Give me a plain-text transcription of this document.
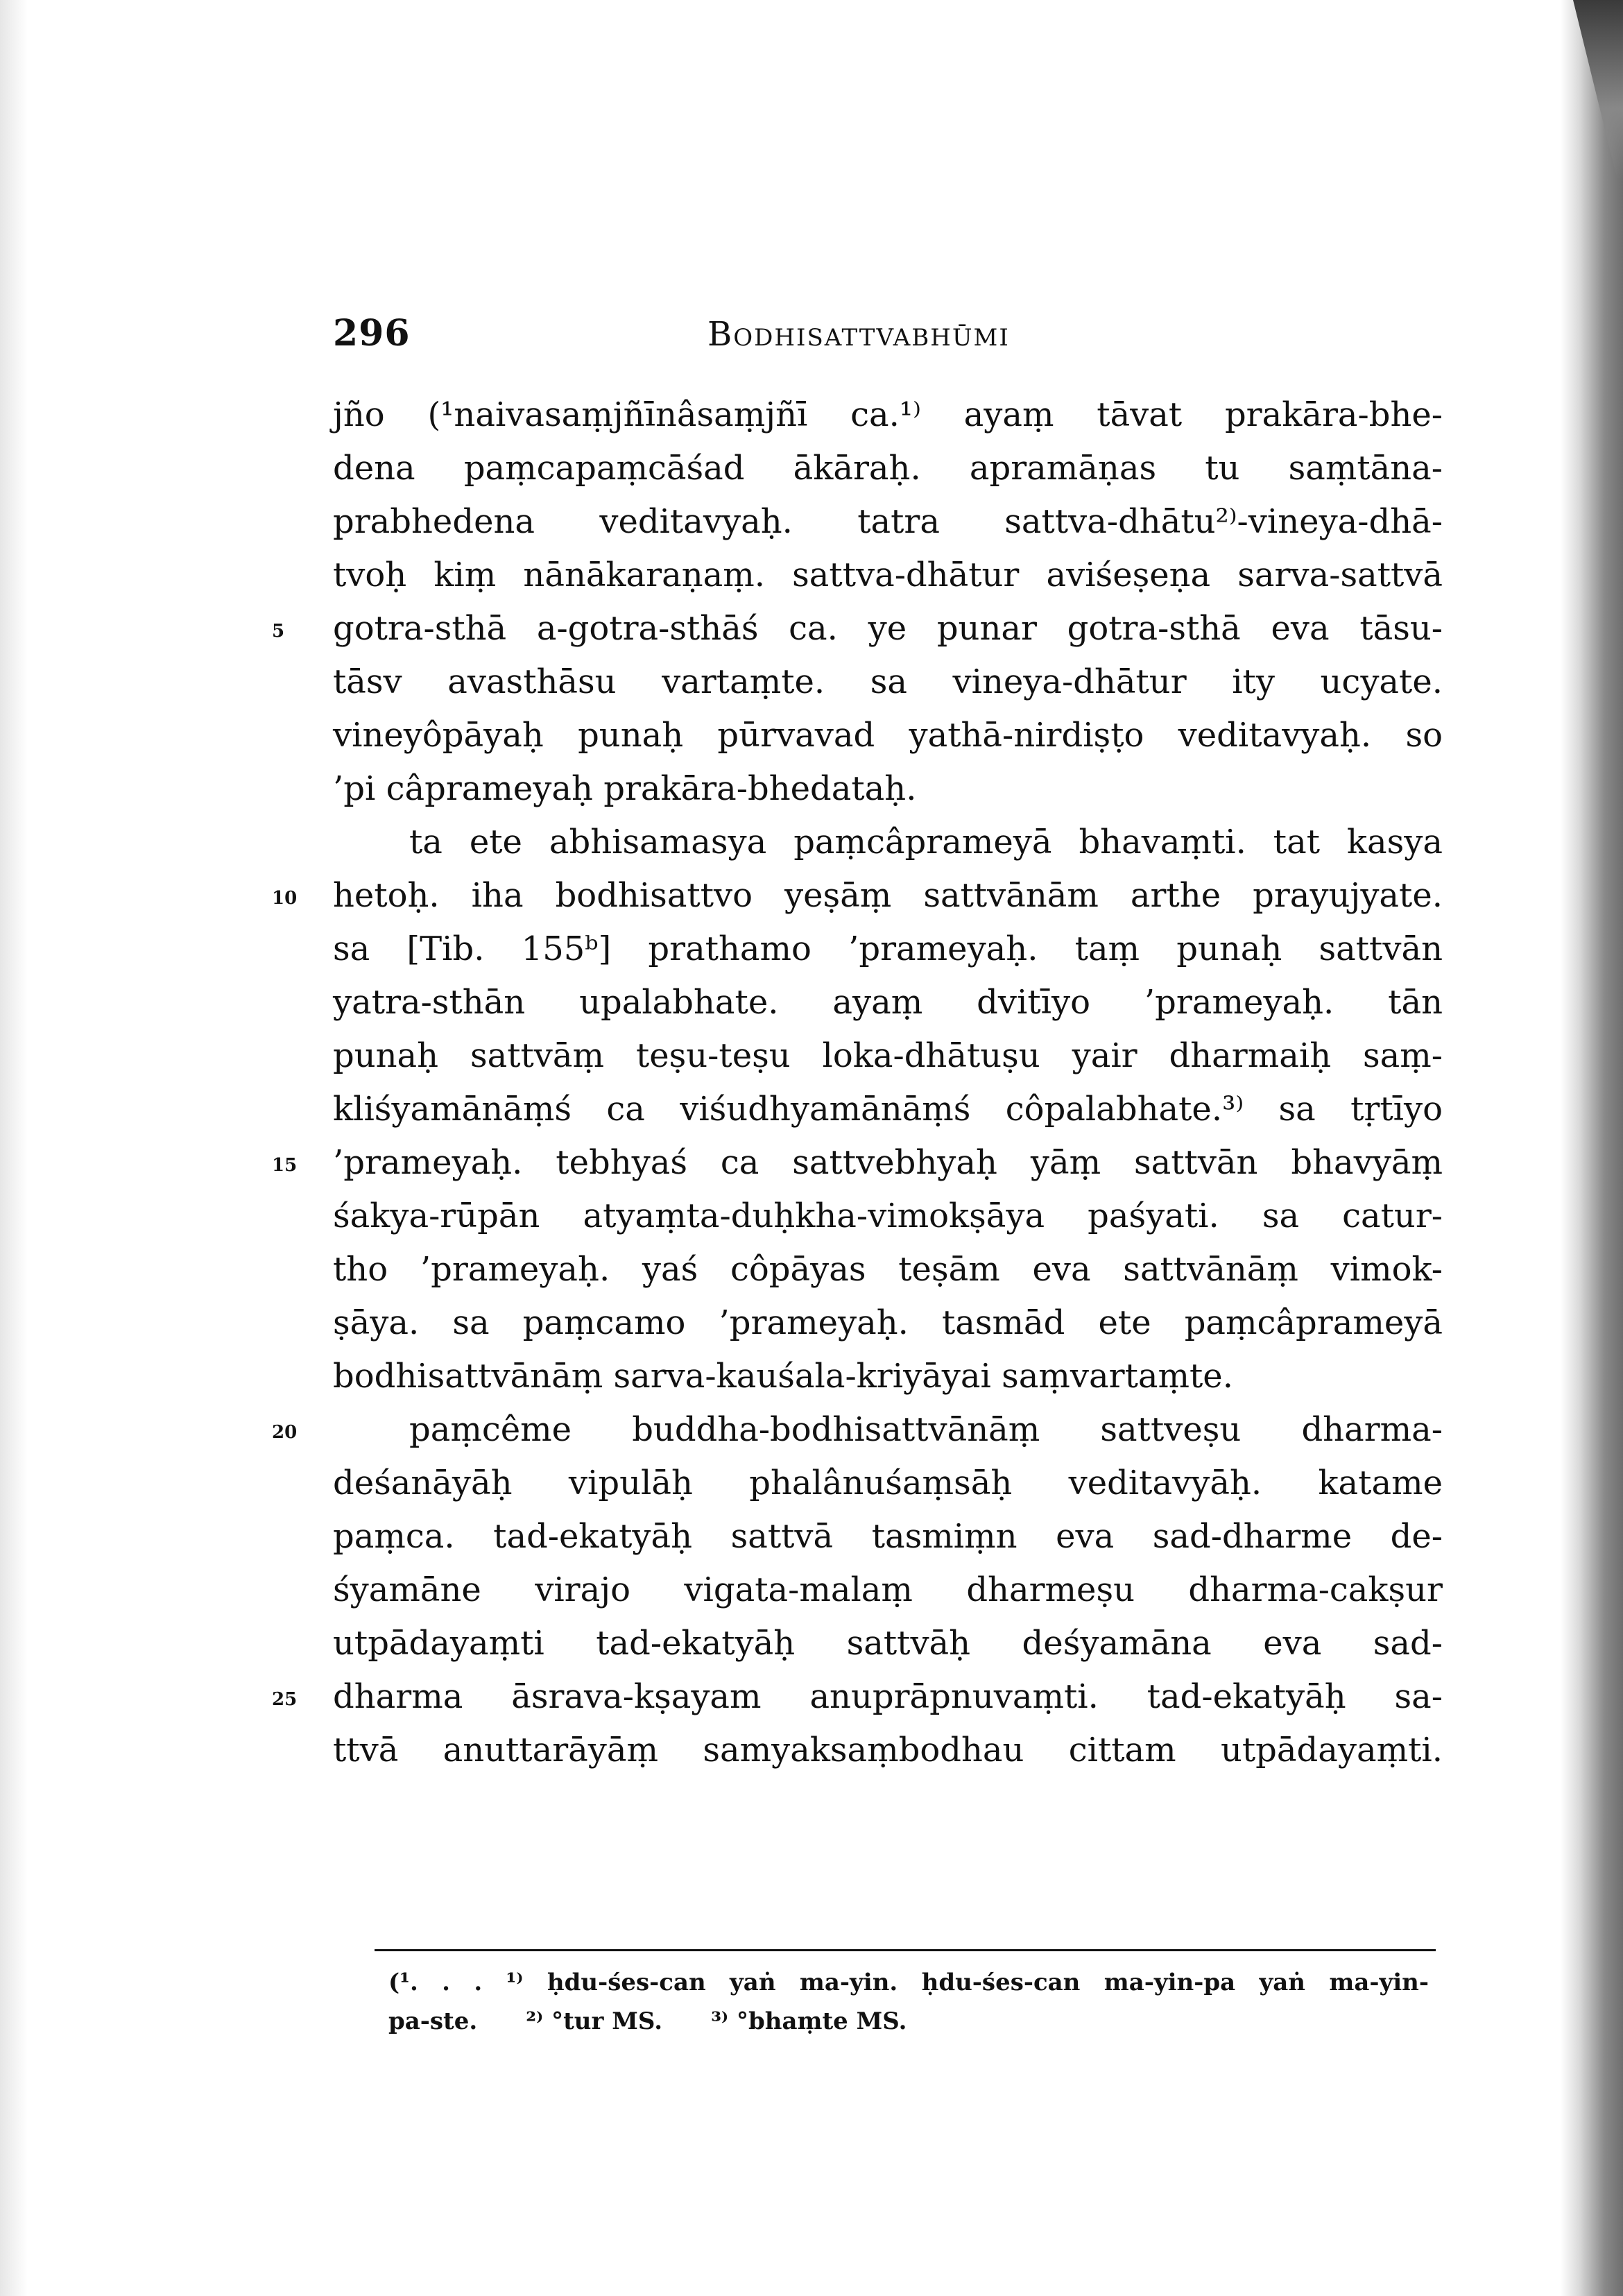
296	Bodhisattvabhūmi
jño (¹naivasaṃjñīnâsaṃjñī ca.¹⁾ ayaṃ tāvat prakāra-bhe-
dena paṃcapaṃcāśad ākāraḥ. apramāṇas tu saṃtāna-
prabhedena veditavyaḥ. tatra sattva-dhātu²⁾-vineya-dhā-
tvoḥ kiṃ nānākaraṇaṃ. sattva-dhātur aviśeṣeṇa sarva-sattvā
5 gotra-sthā a-gotra-sthāś ca. ye punar gotra-sthā eva tāsu-
tāsv avasthāsu vartaṃte. sa vineya-dhātur ity ucyate.
vineyôpāyaḥ punaḥ pūrvavad yathā-nirdiṣṭo veditavyaḥ. so
’pi câprameyaḥ prakāra-bhedataḥ.
ta ete abhisamasya paṃcâprameyā bhavaṃti. tat kasya
10 hetoḥ. iha bodhisattvo yeṣāṃ sattvānām arthe prayujyate.
sa [Tib. 155ᵇ] prathamo ’prameyaḥ. taṃ punaḥ sattvān
yatra-sthān upalabhate. ayaṃ dvitīyo ’prameyaḥ. tān
punaḥ sattvāṃ teṣu-teṣu loka-dhātuṣu yair dharmaiḥ saṃ-
kliśyamānāṃś ca viśudhyamānāṃś côpalabhate.³⁾ sa tṛtīyo
15 ’prameyaḥ. tebhyaś ca sattvebhyaḥ yāṃ sattvān bhavyāṃ
śakya-rūpān atyaṃta-duḥkha-vimokṣāya paśyati. sa catur-
tho ’prameyaḥ. yaś côpāyas teṣām eva sattvānāṃ vimok-
ṣāya. sa paṃcamo ’prameyaḥ. tasmād ete paṃcâprameyā
bodhisattvānāṃ sarva-kauśala-kriyāyai saṃvartaṃte.
20	paṃcême buddha-bodhisattvānāṃ sattveṣu dharma-
deśanāyāḥ vipulāḥ phalânuśaṃsāḥ veditavyāḥ. katame
paṃca. tad-ekatyāḥ sattvā tasmiṃn eva sad-dharme de-
śyamāne virajo vigata-malaṃ dharmeṣu dharma-cakṣur
utpādayaṃti tad-ekatyāḥ sattvāḥ deśyamāna eva sad-
25 dharma āsrava-kṣayam anuprāpnuvaṃti. tad-ekatyāḥ sa-
ttvā anuttarāyāṃ samyaksaṃbodhau cittam utpādayaṃti.
(¹. . . ¹⁾ ḥdu-śes-can yaṅ ma-yin. ḥdu-śes-can ma-yin-pa yaṅ ma-yin-
pa-ste. ²⁾ °tur MS. ³⁾ °bhaṃte MS.
